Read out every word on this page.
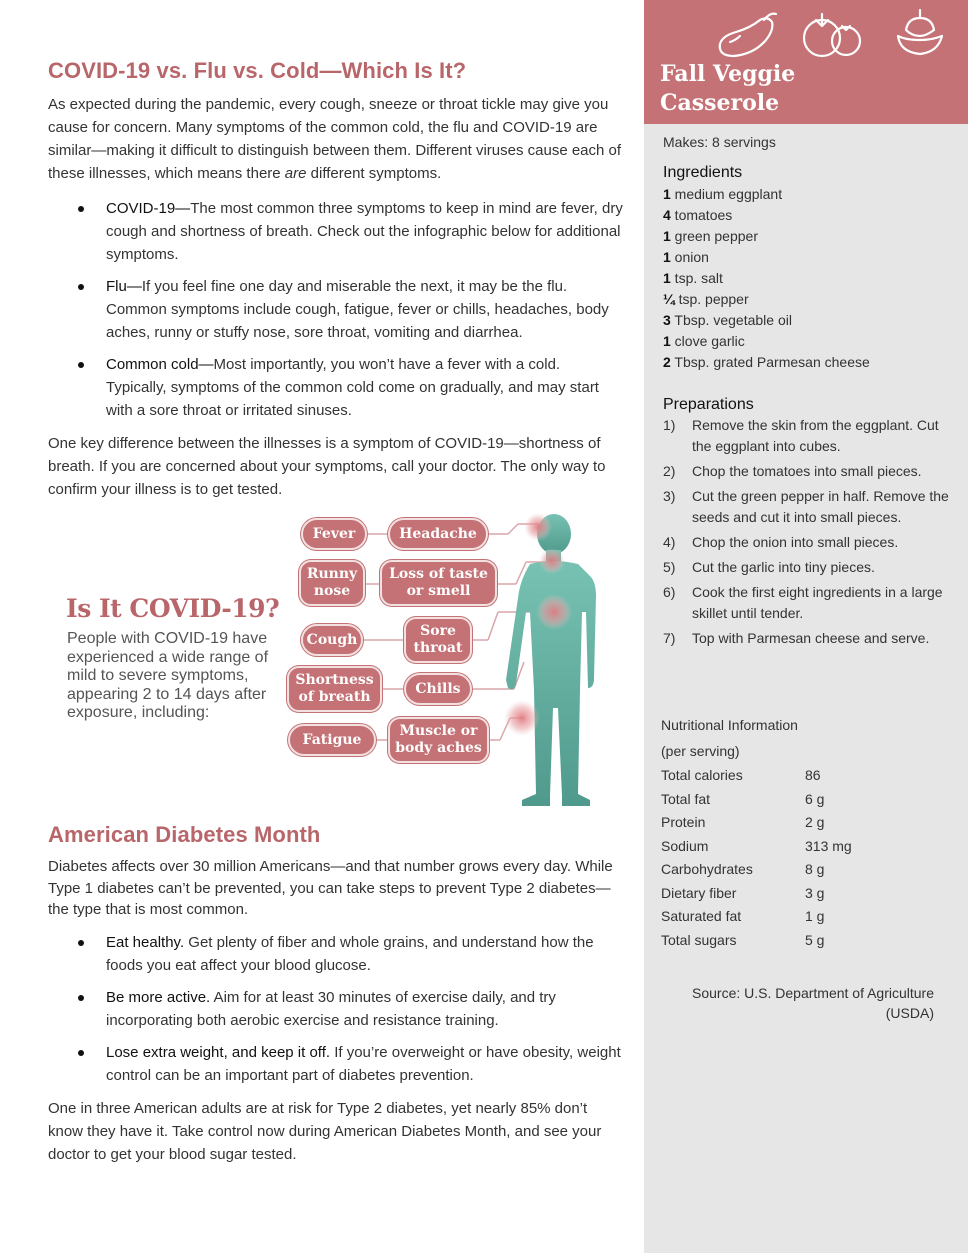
COVID-19 vs. Flu vs. Cold—Which Is It?

As expected during the pandemic, every cough, sneeze or throat tickle may give you cause for concern. Many symptoms of the common cold, the flu and COVID-19 are similar—making it difficult to distinguish between them. Different viruses cause each of these illnesses, which means there are different symptoms.

COVID-19—The most common three symptoms to keep in mind are fever, dry cough and shortness of breath. Check out the infographic below for additional symptoms.
Flu—If you feel fine one day and miserable the next, it may be the flu. Common symptoms include cough, fatigue, fever or chills, headaches, body aches, runny or stuffy nose, sore throat, vomiting and diarrhea.
Common cold—Most importantly, you won’t have a fever with a cold. Typically, symptoms of the common cold come on gradually, and may start with a sore throat or irritated sinuses.

One key difference between the illnesses is a symptom of COVID-19—shortness of breath. If you are concerned about your symptoms, call your doctor. The only way to confirm your illness is to get tested.

Is It COVID-19?
People with COVID-19 have experienced a wide range of mild to severe symptoms, appearing 2 to 14 days after exposure, including:
Fever	Headache
Runny nose
Loss of taste or smell
Cough
Sore throat
Shortness of breath
Chills
Fatigue
Muscle or body aches
American Diabetes Month

Diabetes affects over 30 million Americans—and that number grows every day. While Type 1 diabetes can’t be prevented, you can take steps to prevent Type 2 diabetes—the type that is most common.

Eat healthy. Get plenty of fiber and whole grains, and understand how the foods you eat affect your blood glucose.
Be more active. Aim for at least 30 minutes of exercise daily, and try incorporating both aerobic exercise and resistance training.
Lose extra weight, and keep it off. If you’re overweight or have obesity, weight control can be an important part of diabetes prevention.

One in three American adults are at risk for Type 2 diabetes, yet nearly 85% don’t know they have it. Take control now during American Diabetes Month, and see your doctor to get your blood sugar tested.

Fall Veggie
Casserole
Makes: 8 servings
Ingredients
1 medium eggplant
4 tomatoes
1 green pepper
1 onion
1 tsp. salt
¼ tsp. pepper
3 Tbsp. vegetable oil
1 clove garlic
2 Tbsp. grated Parmesan cheese
Preparations
1)	Remove the skin from the eggplant. Cut the eggplant into cubes.
2)	Chop the tomatoes into small pieces.
3)	Cut the green pepper in half. Remove the seeds and cut it into small pieces.
4)	Chop the onion into small pieces.
5)	Cut the garlic into tiny pieces.
6)	Cook the first eight ingredients in a large skillet until tender.
7)	Top with Parmesan cheese and serve.
Nutritional Information
(per serving)
Total calories	86
Total fat	6 g
Protein	2 g
Sodium	313 mg
Carbohydrates	8 g
Dietary fiber	3 g
Saturated fat	1 g
Total sugars	5 g
Source: U.S. Department of Agriculture (USDA)
